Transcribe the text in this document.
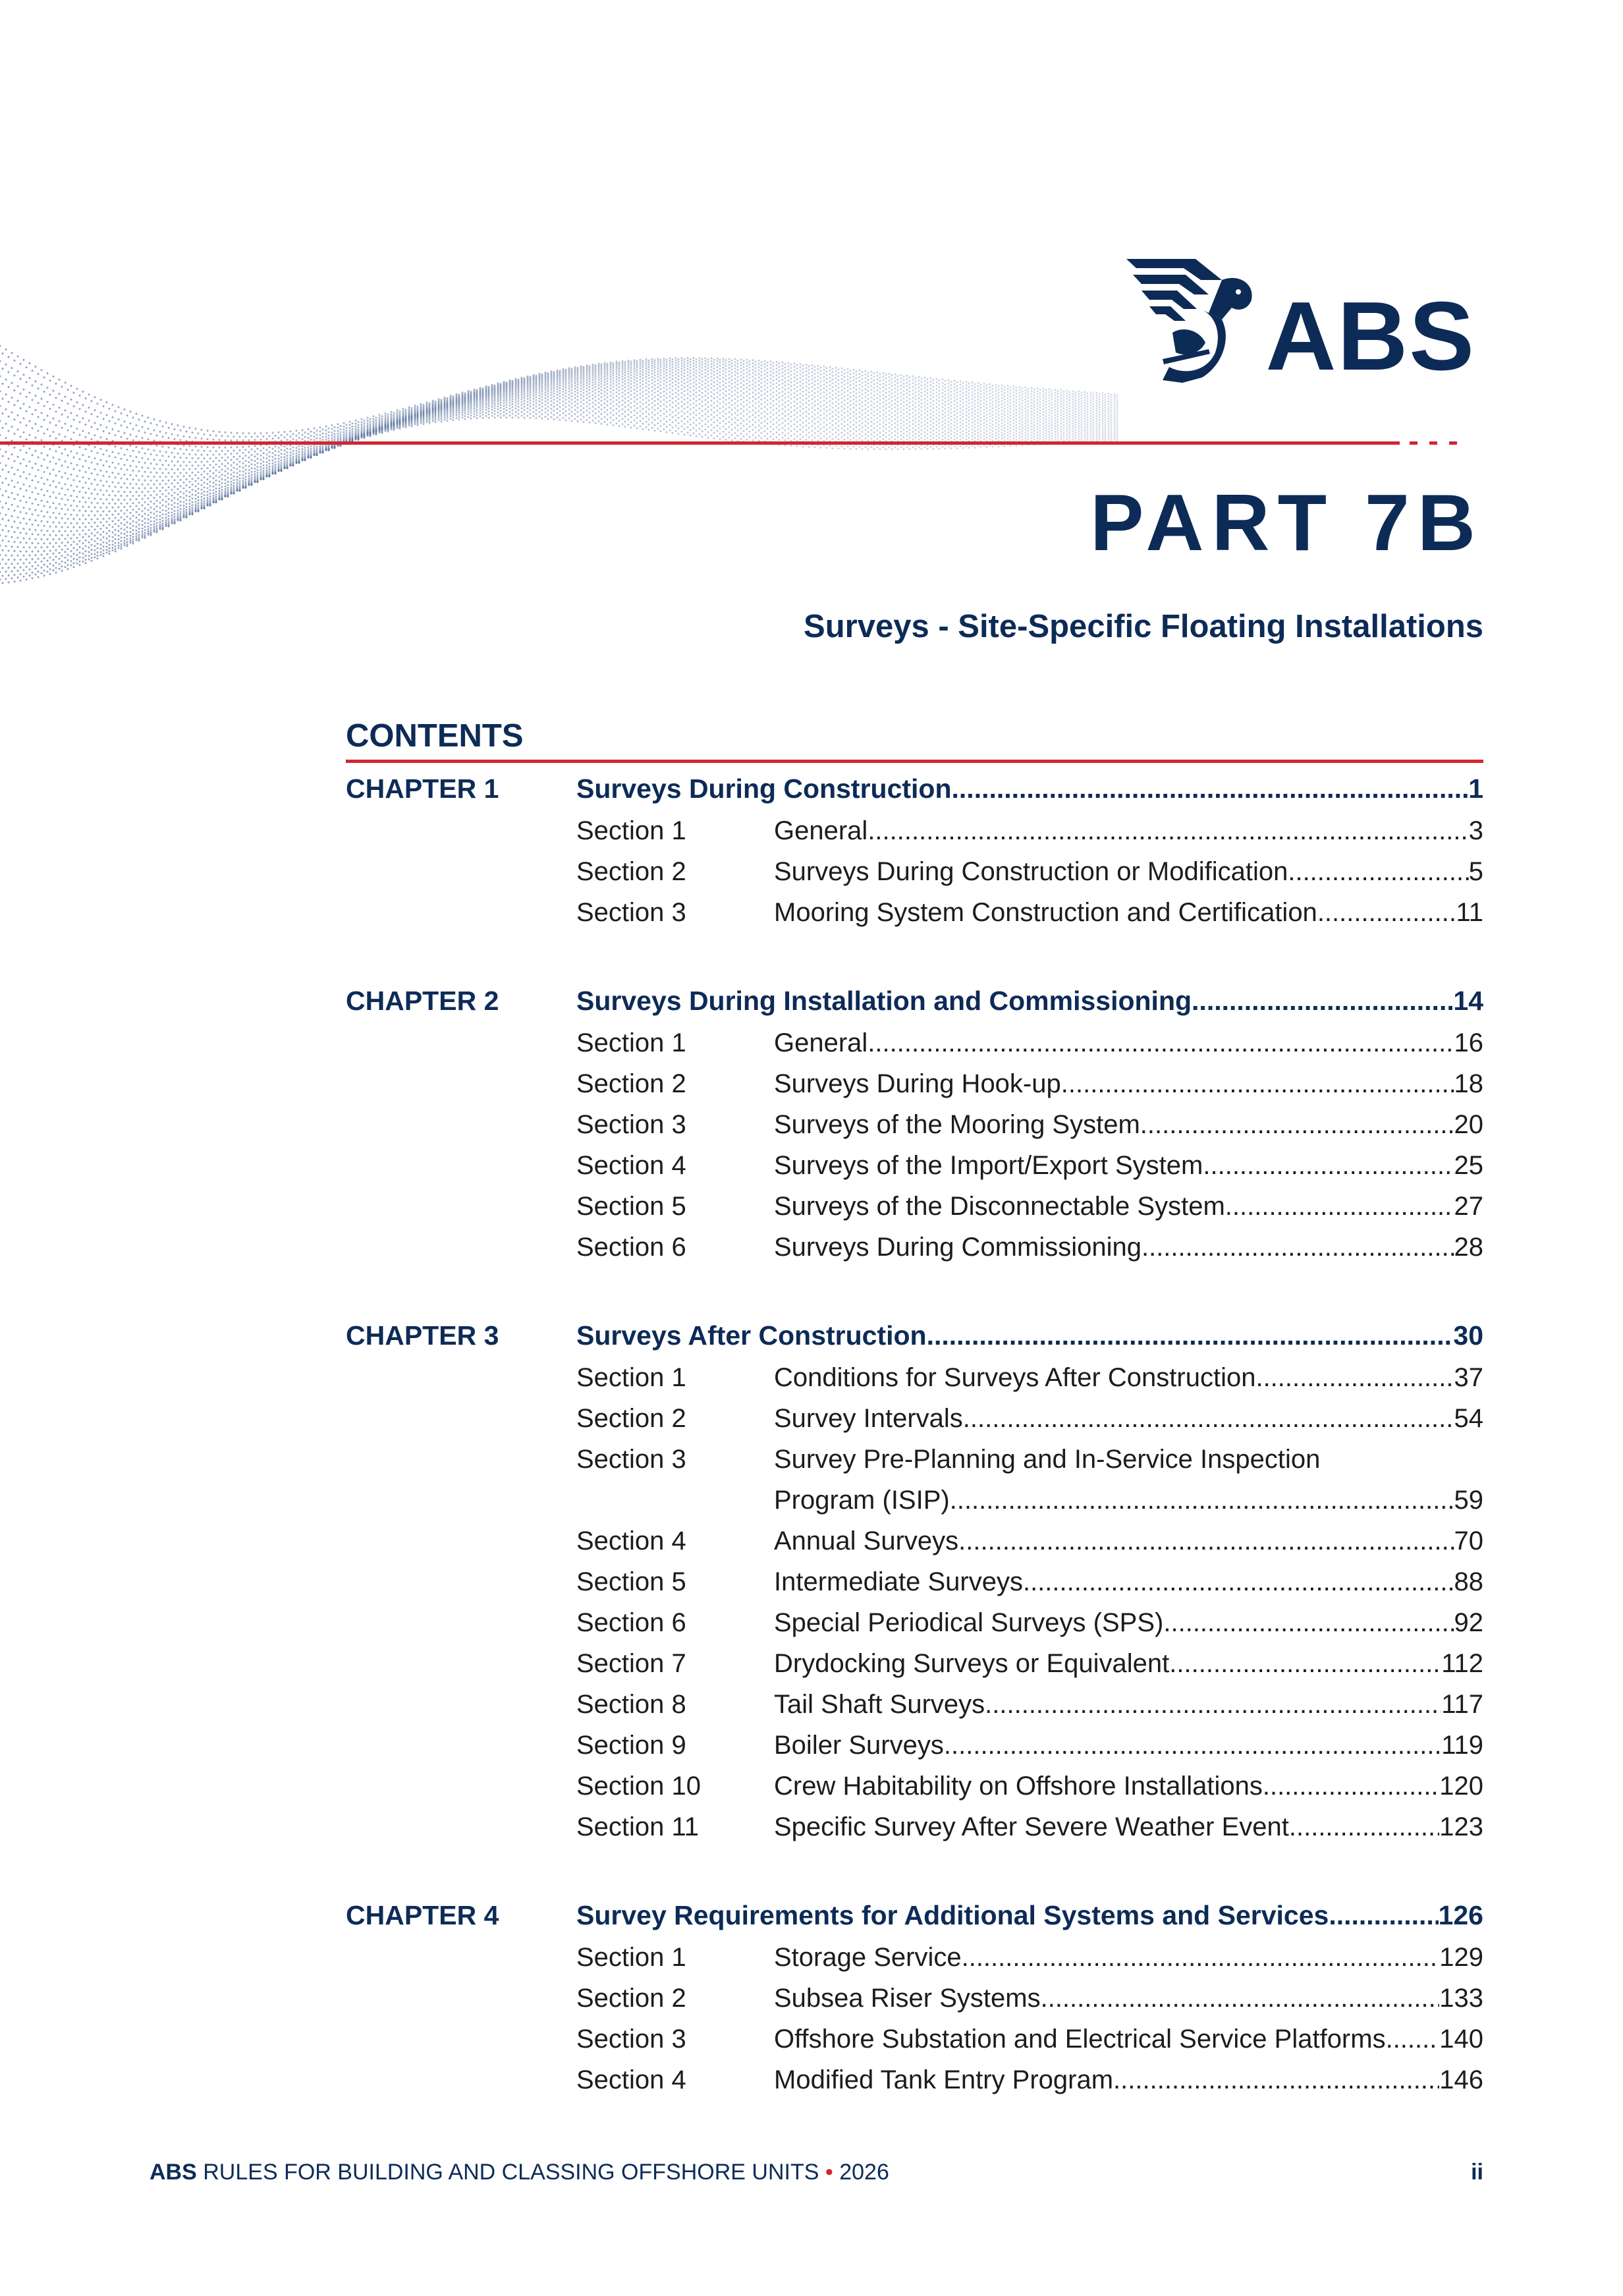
ABS
PART 7B
Surveys - Site-Specific Floating Installations
CONTENTS
CHAPTER 1	Surveys During Construction .....	1
Section 1	General .....	3
Section 2	Surveys During Construction or Modification .....	5
Section 3	Mooring System Construction and Certification .....	11
CHAPTER 2	Surveys During Installation and Commissioning .....	14
Section 1	General .....	16
Section 2	Surveys During Hook-up .....	18
Section 3	Surveys of the Mooring System .....	20
Section 4	Surveys of the Import/Export System .....	25
Section 5	Surveys of the Disconnectable System .....	27
Section 6	Surveys During Commissioning .....	28
CHAPTER 3	Surveys After Construction .....	30
Section 1	Conditions for Surveys After Construction .....	37
Section 2	Survey Intervals .....	54
Section 3	Survey Pre-Planning and In-Service Inspection
Program (ISIP) .....	59
Section 4	Annual Surveys .....	70
Section 5	Intermediate Surveys .....	88
Section 6	Special Periodical Surveys (SPS) .....	92
Section 7	Drydocking Surveys or Equivalent .....	112
Section 8	Tail Shaft Surveys .....	117
Section 9	Boiler Surveys .....	119
Section 10	Crew Habitability on Offshore Installations .....	120
Section 11	Specific Survey After Severe Weather Event .....	123
CHAPTER 4	Survey Requirements for Additional Systems and Services .....	126
Section 1	Storage Service .....	129
Section 2	Subsea Riser Systems .....	133
Section 3	Offshore Substation and Electrical Service Platforms ..... 140
Section 4	Modified Tank Entry Program .....	146
ABS RULES FOR BUILDING AND CLASSING OFFSHORE UNITS • 2026	ii
